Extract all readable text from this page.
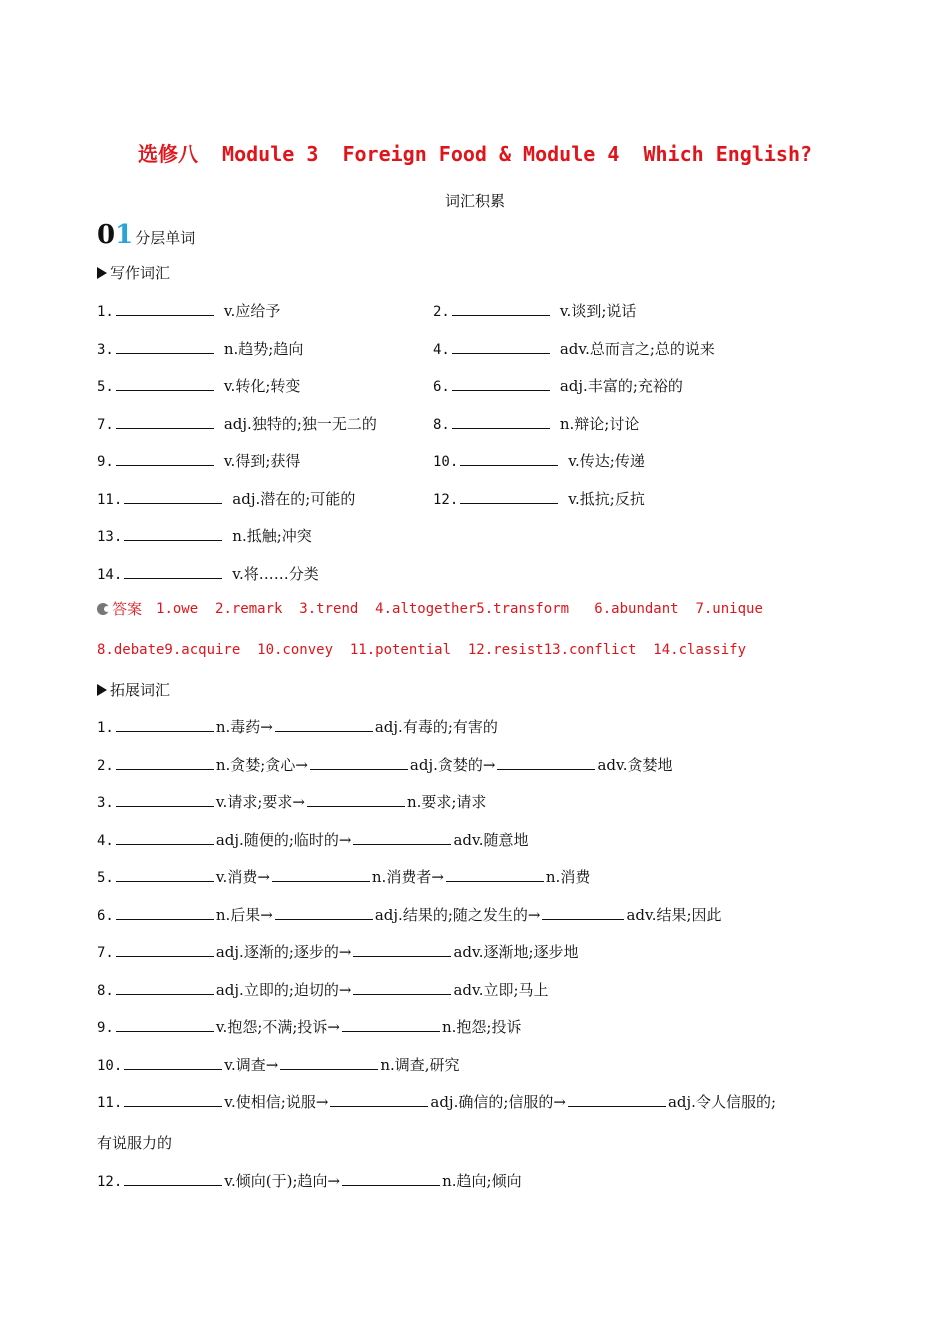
选修八  Module 3  Foreign Food & Module 4  Which English?
词汇积累
0 1 分层单词
写作词汇
1.	v.应给予	2.	v.谈到;说话
3.	n.趋势;趋向	4.	adv.总而言之;总的说来
5.	v.转化;转变	6.	adj.丰富的;充裕的
7.	adj.独特的;独一无二的	8.	n.辩论;讨论
9.	v.得到;获得	10.	v.传达;传递
11.	adj.潜在的;可能的	12.	v.抵抗;反抗
13.	n.抵触;冲突
14.	v.将……分类
答案 1.owe  2.remark  3.trend  4.altogether5.transform   6.abundant  7.unique
8.debate9.acquire  10.convey  11.potential  12.resist13.conflict  14.classify
拓展词汇
1.	n.毒药→	adj.有毒的;有害的
2.	n.贪婪;贪心→	adj.贪婪的→	adv.贪婪地
3.	v.请求;要求→	n.要求;请求
4.	adj.随便的;临时的→	adv.随意地
5.	v.消费→	n.消费者→	n.消费
6.	n.后果→	adj.结果的;随之发生的→	adv.结果;因此
7.	adj.逐渐的;逐步的→	adv.逐渐地;逐步地
8.	adj.立即的;迫切的→	adv.立即;马上
9.	v.抱怨;不满;投诉→	n.抱怨;投诉
10.	v.调查→	n.调查,研究
11.	v.使相信;说服→	adj.确信的;信服的→	adj.令人信服的;
有说服力的
12.	v.倾向(于);趋向→	n.趋向;倾向
